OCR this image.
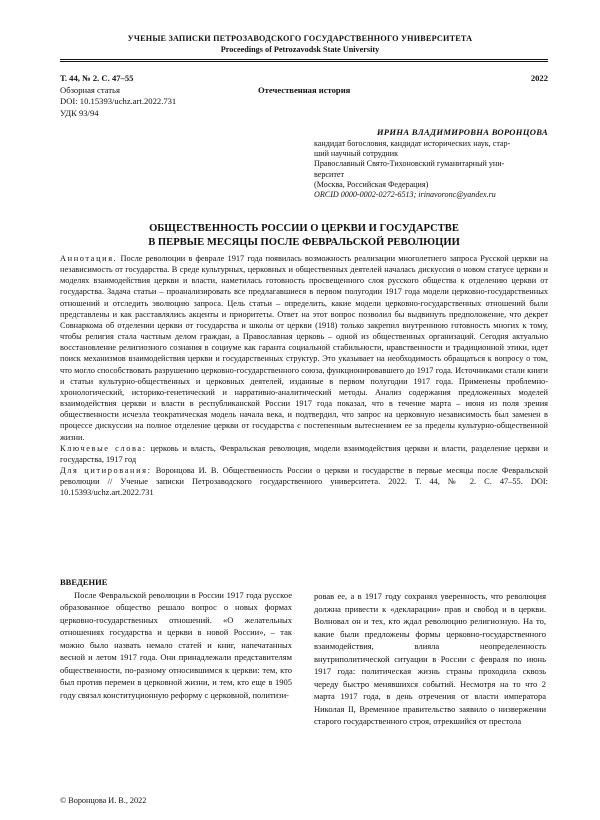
УЧЕНЫЕ ЗАПИСКИ ПЕТРОЗАВОДСКОГО ГОСУДАРСТВЕННОГО УНИВЕРСИТЕТА
Proceedings of Petrozavodsk State University
Т. 44, № 2. С. 47–55
Обзорная статья
DOI: 10.15393/uchz.art.2022.731
УДК 93/94
2022
Отечественная история
ИРИНА ВЛАДИМИРОВНА ВОРОНЦОВА
кандидат богословия, кандидат исторических наук, стар-
ший научный сотрудник
Православный Свято-Тихоновский гуманитарный уни-
верситет
(Москва, Российская Федерация)
ORCID 0000-0002-0272-6513; irinavoronc@yandex.ru
ОБЩЕСТВЕННОСТЬ РОССИИ О ЦЕРКВИ И ГОСУДАРСТВЕ
В ПЕРВЫЕ МЕСЯЦЫ ПОСЛЕ ФЕВРАЛЬСКОЙ РЕВОЛЮЦИИ

Аннотация. После революции в феврале 1917 года появилась возможность реализации многолетнего запроса Русской церкви на независимость от государства. В среде культурных, церковных и общественных деятелей началась дискуссия о новом статусе церкви и моделях взаимодействия церкви и власти, наметилась готовность просвещенного слоя русского общества к отделению церкви от государства. Задача статьи – проанализировать все предлагавшиеся в первом полугодии 1917 года модели церковно-государственных отношений и отследить эволюцию запроса. Цель статьи – определить, какие модели церковно-государственных отношений были представлены и как расставлялись акценты и приоритеты. Ответ на этот вопрос позволил бы выдвинуть предположение, что декрет Совнаркома об отделении церкви от государства и школы от церкви (1918) только закрепил внутреннюю готовность многих к тому, чтобы религия стала частным делом граждан, а Православная церковь – одной из общественных организаций. Сегодня актуально восстановление религиозного сознания в социуме как гаранта социальной стабильности, нравственности и традиционной этики, идет поиск механизмов взаимодействия церкви и государственных структур. Это указывает на необходимость обращаться к вопросу о том, что могло способствовать разрушению церковно-государственного союза, функционировавшего до 1917 года. Источниками стали книги и статьи культурно-общественных и церковных деятелей, изданные в первом полугодии 1917 года. Применены проблемно-хронологический, историко-генетический и нарративно-аналитический методы. Анализ содержания предложенных моделей взаимодействия церкви и власти в республиканской России 1917 года показал, что в течение марта – июня из поля зрения общественности исчезла теократическая модель начала века, и подтвердил, что запрос на церковную независимость был заменен в процессе дискуссии на полное отделение церкви от государства с постепенным вытеснением ее за пределы культурно-общественной жизни.

Ключевые слова: церковь и власть, Февральская революция, модели взаимодействия церкви и власти, разделение церкви и государства, 1917 год

Для цитирования: Воронцова И. В. Общественность России о церкви и государстве в первые месяцы после Февральской революции // Ученые записки Петрозаводского государственного университета. 2022. Т. 44, № 2. С. 47–55. DOI: 10.15393/uchz.art.2022.731

ВВЕДЕНИЕ

После Февральской революции в России 1917 года русское образованное общество решало вопрос о новых формах церковно-государственных отношений. «О желательных отношениях государства и церкви в новой России», – так можно было назвать немало статей и книг, напечатанных весной и летом 1917 года. Они принадлежали представителям общественности, по-разному относившимся к церкви: тем, кто был против перемен в церковной жизни, и тем, кто еще в 1905 году связал конституционную реформу с церковной, политизи-

ровав ее, а в 1917 году сохранял уверенность, что революция должна привести к «декларации» прав и свобод и в церкви. Волновал он и тех, кто ждал революцию религиозную. На то, какие были предложены формы церковно-государственного взаимодействия, влияла неопределенность внутриполитической ситуации в России с февраля по июнь 1917 года: политическая жизнь страны проходила сквозь череду быстро менявшихся событий. Несмотря на то что 2 марта 1917 года, в день отречения от власти императора Николая II, Временное правительство заявило о низвержении старого государственного строя, отрекшийся от престола

© Воронцова И. В., 2022
